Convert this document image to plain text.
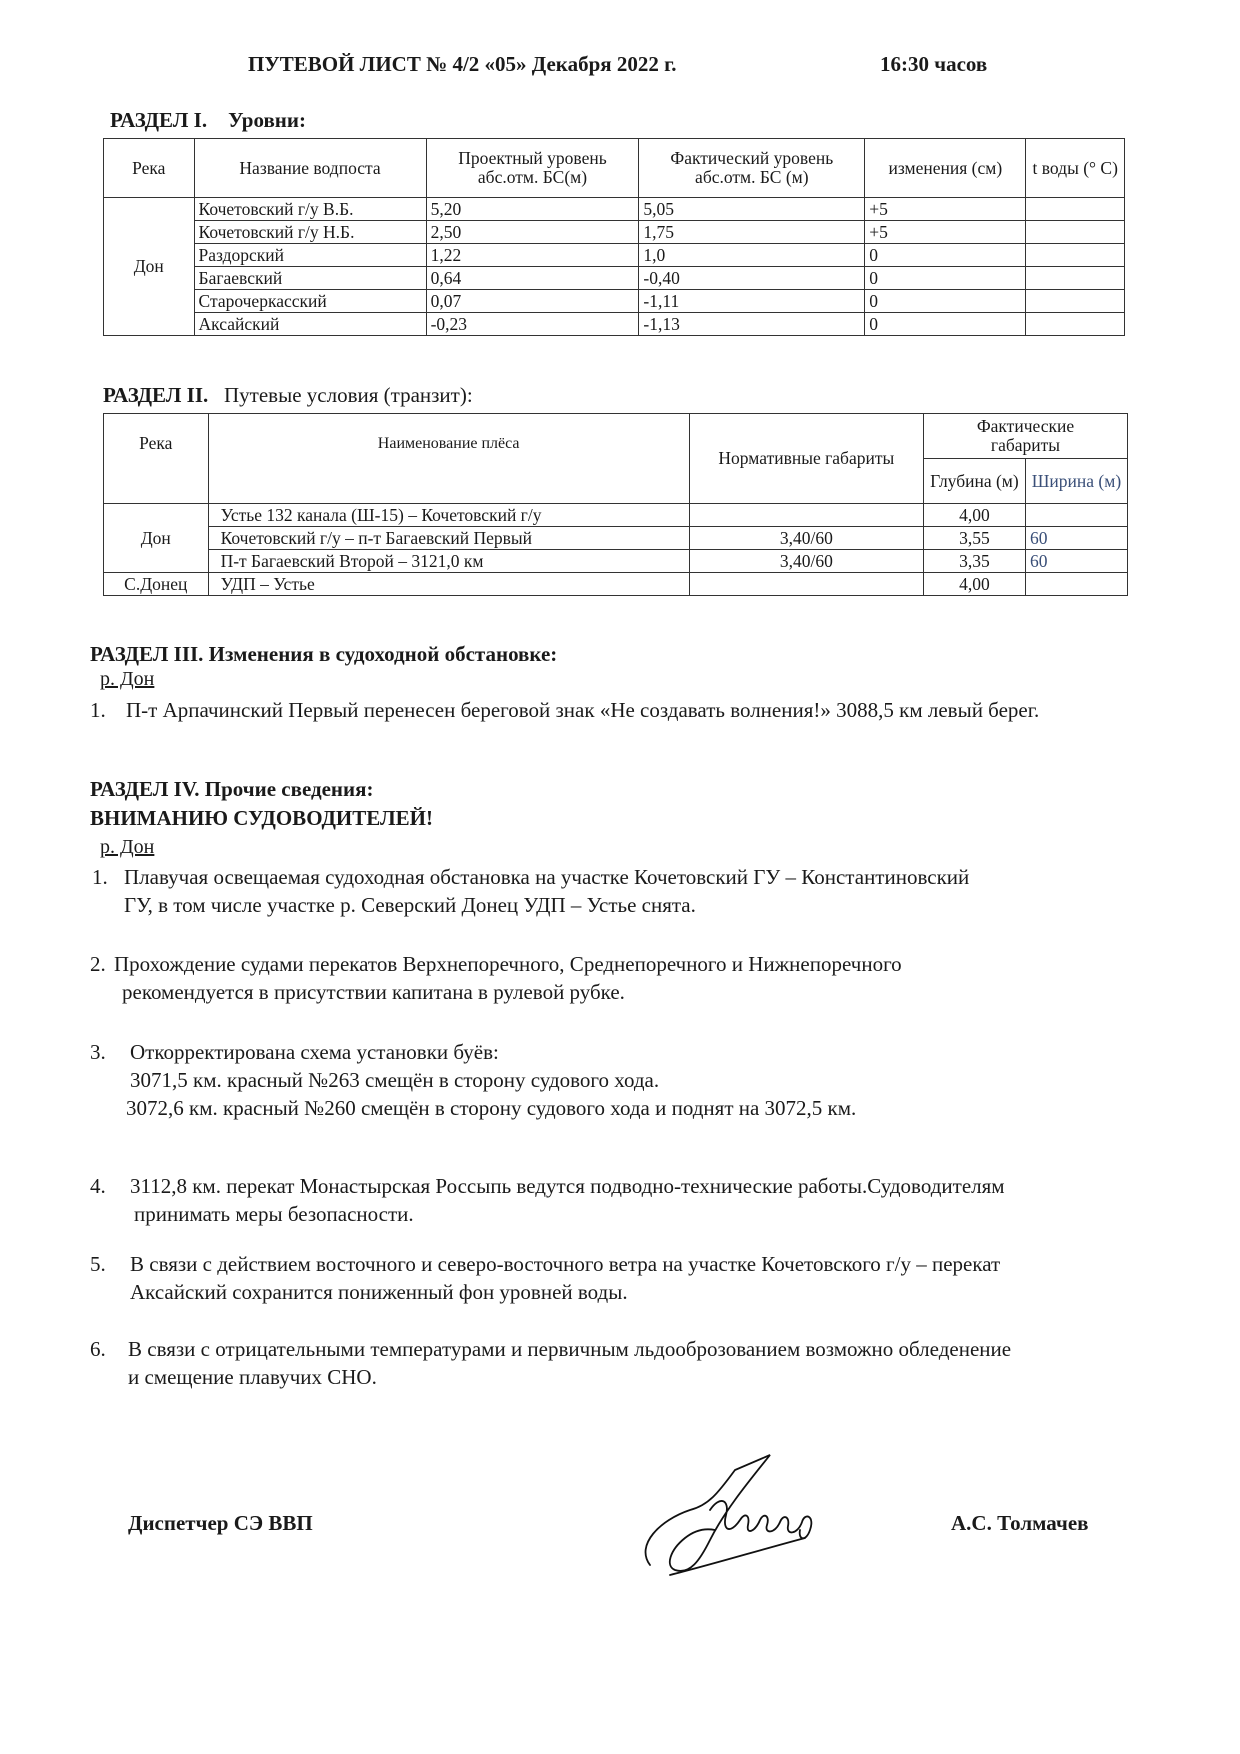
ПУТЕВОЙ ЛИСТ № 4/2 «05» Декабря 2022 г.	16:30 часов
РАЗДЕЛ I. Уровни:
Река	Название водпоста	Проектный уровень абс.отм. БС(м)	Фактический уровень абс.отм. БС (м)	изменения (см)	t воды (° С)
Дон	Кочетовский г/у В.Б.	5,20	5,05	+5	
	Кочетовский г/у Н.Б.	2,50	1,75	+5	
	Раздорский	1,22	1,0	0	
	Багаевский	0,64	-0,40	0	
	Старочеркасский	0,07	-1,11	0	
	Аксайский	-0,23	-1,13	0	
РАЗДЕЛ II. Путевые условия (транзит):
Река	Наименование плёса	Нормативные габариты	Фактические габариты	
			Глубина (м)	Ширина (м)
Дон	Устье 132 канала (Ш-15) – Кочетовский г/у		4,00	
	Кочетовский г/у – п-т Багаевский Первый	3,40/60	3,55	60
	П-т Багаевский Второй – 3121,0 км	3,40/60	3,35	60
С.Донец	УДП – Устье		4,00	
РАЗДЕЛ III. Изменения в судоходной обстановке:
р. Дон
1. П-т Арпачинский Первый перенесен береговой знак «Не создавать волнения!» 3088,5 км левый берег.
РАЗДЕЛ IV. Прочие сведения:
ВНИМАНИЮ СУДОВОДИТЕЛЕЙ!
р. Дон
1. Плавучая освещаемая судоходная обстановка на участке Кочетовский ГУ – Константиновский
ГУ, в том числе участке р. Северский Донец УДП – Устье снята.
2. Прохождение судами перекатов Верхнепоречного, Среднепоречного и Нижнепоречного
рекомендуется в присутствии капитана в рулевой рубке.
3. Откорректирована схема установки буёв:
3071,5 км. красный №263 смещён в сторону судового хода.
3072,6 км. красный №260 смещён в сторону судового хода и поднят на 3072,5 км.
4. 3112,8 км. перекат Монастырская Россыпь ведутся подводно-технические работы.Судоводителям
принимать меры безопасности.
5. В связи с действием восточного и северо-восточного ветра на участке Кочетовского г/у – перекат
Аксайский сохранится пониженный фон уровней воды.
6. В связи с отрицательными температурами и первичным льдооброзованием возможно обледенение
и смещение плавучих СНО.
Диспетчер СЭ ВВП	А.С. Толмачев
